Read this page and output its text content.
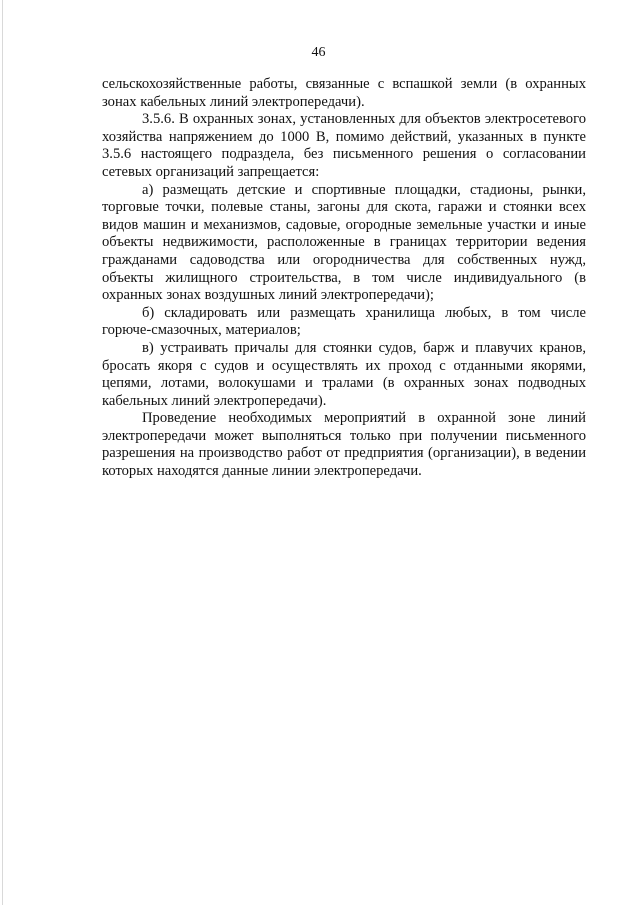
46

сельскохозяйственные работы, связанные с вспашкой земли (в охранных зонах кабельных линий электропередачи).

3.5.6. В охранных зонах, установленных для объектов электросетевого хозяйства напряжением до 1000 В, помимо действий, указанных в пункте 3.5.6 настоящего подраздела, без письменного решения о согласовании сетевых организаций запрещается:

а) размещать детские и спортивные площадки, стадионы, рынки, торговые точки, полевые станы, загоны для скота, гаражи и стоянки всех видов машин и механизмов, садовые, огородные земельные участки и иные объекты недвижимости, расположенные в границах территории ведения гражданами садоводства или огородничества для собственных нужд, объекты жилищного строительства, в том числе индивидуального (в охранных зонах воздушных линий электропередачи);

б) складировать или размещать хранилища любых, в том числе горюче-смазочных, материалов;

в) устраивать причалы для стоянки судов, барж и плавучих кранов, бросать якоря с судов и осуществлять их проход с отданными якорями, цепями, лотами, волокушами и тралами (в охранных зонах подводных кабельных линий электропередачи).

Проведение необходимых мероприятий в охранной зоне линий электропередачи может выполняться только при получении письменного разрешения на производство работ от предприятия (организации), в ведении которых находятся данные линии электропередачи.
